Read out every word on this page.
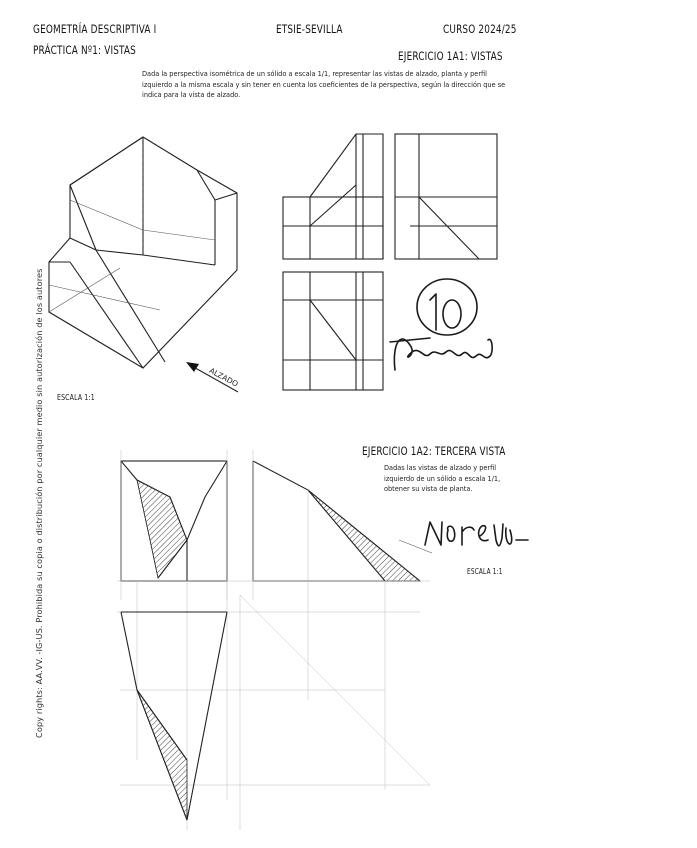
GEOMETRÍA DESCRIPTIVA I	ETSIE-SEVILLA	CURSO 2024/25
PRÁCTICA Nº1: VISTAS	EJERCICIO 1A1: VISTAS
Dada la perspectiva isométrica de un sólido a escala 1/1, representar las vistas de alzado, planta y perfil izquierdo a la misma escala y sin tener en cuenta los coeficientes de la perspectiva, según la dirección que se indica para la vista de alzado.
ALZADO
ESCALA 1:1
EJERCICIO 1A2: TERCERA VISTA
Dadas las vistas de alzado y perfil izquierdo de un sólido a escala 1/1, obtener su vista de planta.
ESCALA 1:1
Copy rights: AA.VV. -IG-US. Prohibida su copia o distribución por cualquier medio sin autorización de los autores
